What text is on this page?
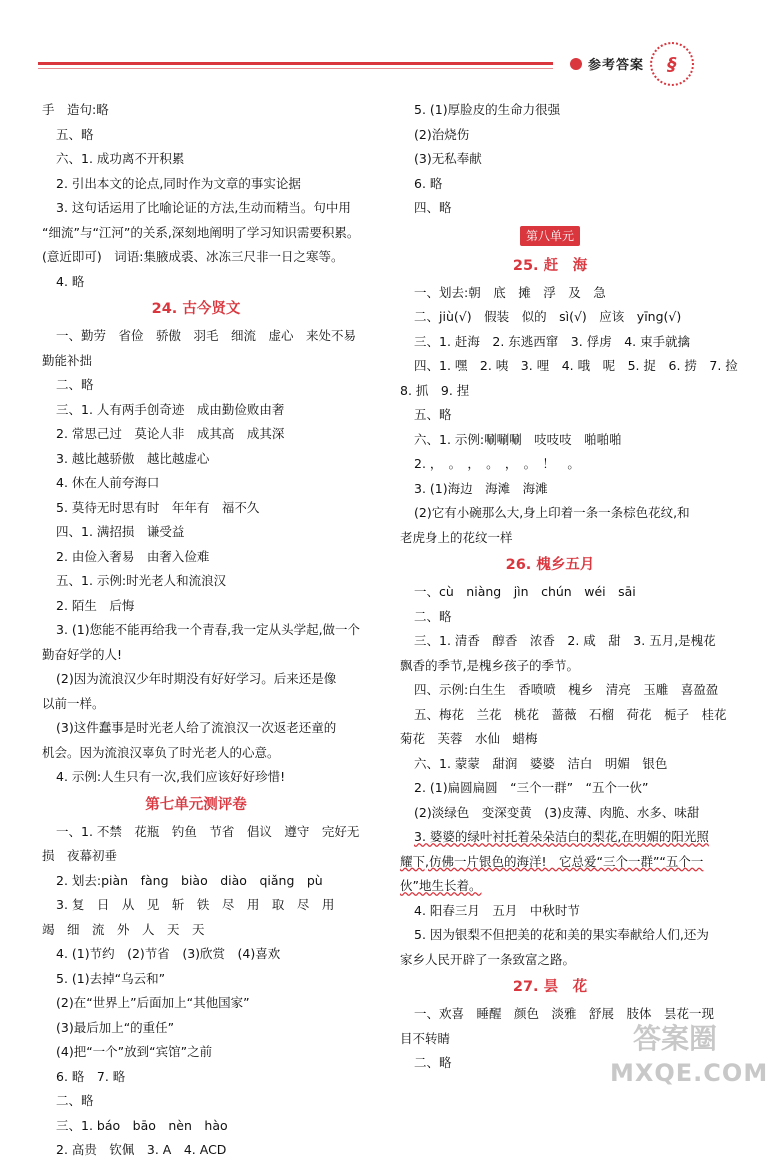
参考答案	§
手　造句:略
五、略
六、1. 成功离不开积累
2. 引出本文的论点,同时作为文章的事实论据
3. 这句话运用了比喻论证的方法,生动而精当。句中用
“细流”与“江河”的关系,深刻地阐明了学习知识需要积累。
(意近即可)　词语:集腋成裘、冰冻三尺非一日之寒等。
4. 略
24. 古今贤文
一、勤劳　省俭　骄傲　羽毛　细流　虚心　来处不易
勤能补拙
二、略
三、1. 人有两手创奇迹　成由勤俭败由奢
2. 常思己过　莫论人非　成其高　成其深
3. 越比越骄傲　越比越虚心
4. 休在人前夸海口
5. 莫待无时思有时　年年有　福不久
四、1. 满招损　谦受益
2. 由俭入奢易　由奢入俭难
五、1. 示例:时光老人和流浪汉
2. 陌生　后悔
3. (1)您能不能再给我一个青春,我一定从头学起,做一个
勤奋好学的人!
(2)因为流浪汉少年时期没有好好学习。后来还是像
以前一样。
(3)这件蠢事是时光老人给了流浪汉一次返老还童的
机会。因为流浪汉辜负了时光老人的心意。
4. 示例:人生只有一次,我们应该好好珍惜!
第七单元测评卷
一、1. 不禁　花瓶　钓鱼　节省　倡议　遵守　完好无
损　夜幕初垂
2. 划去:piàn　fàng　biào　diào　qiǎng　pù
3. 复　日　从　见　斩　铁　尽　用　取　尽　用
竭　细　流　外　人　天　天
4. (1)节约　(2)节省　(3)欣赏　(4)喜欢
5. (1)去掉“乌云和”
(2)在“世界上”后面加上“其他国家”
(3)最后加上“的重任”
(4)把“一个”放到“宾馆”之前
6. 略　7. 略
二、略
三、1. báo　bāo　nèn　hào
2. 高贵　钦佩　3. A　4. ACD
5. (1)厚脸皮的生命力很强
(2)治烧伤
(3)无私奉献
6. 略
四、略
第八单元
25. 赶　海
一、划去:朝　底　摊　浮　及　急
二、jiù(√)　假装　似的　sì(√)　应该　yīng(√)
三、1. 赶海　2. 东逃西窜　3. 俘虏　4. 束手就擒
四、1. 嘿　2. 咦　3. 哩　4. 哦　呢　5. 捉　6. 捞　7. 捡
8. 抓　9. 捏
五、略
六、1. 示例:唰唰唰　吱吱吱　啪啪啪
2. ，　。　，　。　，　。　！　。
3. (1)海边　海滩　海滩
(2)它有小碗那么大,身上印着一条一条棕色花纹,和
老虎身上的花纹一样
26. 槐乡五月
一、cù　niàng　jìn　chún　wéi　sāi
二、略
三、1. 清香　醇香　浓香　2. 咸　甜　3. 五月,是槐花
飘香的季节,是槐乡孩子的季节。
四、示例:白生生　香喷喷　槐乡　清亮　玉雕　喜盈盈
五、梅花　兰花　桃花　蔷薇　石榴　荷花　栀子　桂花
菊花　芙蓉　水仙　蜡梅
六、1. 蒙蒙　甜润　婆婆　洁白　明媚　银色
2. (1)扁圆扁圆　“三个一群”　“五个一伙”
(2)淡绿色　变深变黄　(3)皮薄、肉脆、水多、味甜
3. 婆婆的绿叶衬托着朵朵洁白的梨花,在明媚的阳光照
耀下,仿佛一片银色的海洋!　它总爱“三个一群”“五个一
伙”地生长着。
4. 阳春三月　五月　中秋时节
5. 因为银梨不但把美的花和美的果实奉献给人们,还为
家乡人民开辟了一条致富之路。
27. 昙　花
一、欢喜　睡醒　颜色　淡雅　舒展　肢体　昙花一现
目不转睛
二、略
答案圈
MXQE.COM
